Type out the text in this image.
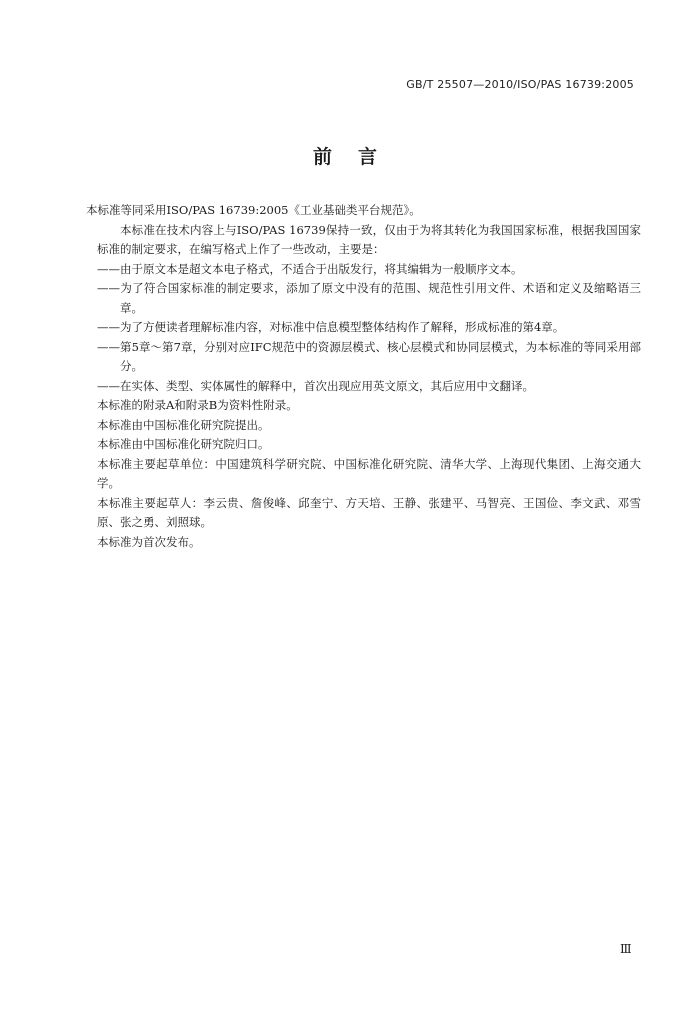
GB/T 25507—2010/ISO/PAS 16739:2005
前言

本标准等同采用ISO/PAS 16739:2005《工业基础类平台规范》。

本标准在技术内容上与ISO/PAS 16739保持一致，仅由于为将其转化为我国国家标准，根据我国国家标准的制定要求，在编写格式上作了一些改动，主要是：

——由于原文本是超文本电子格式，不适合于出版发行，将其编辑为一般顺序文本。

——为了符合国家标准的制定要求，添加了原文中没有的范围、规范性引用文件、术语和定义及缩略语三章。

——为了方便读者理解标准内容，对标准中信息模型整体结构作了解释，形成标准的第4章。

——第5章～第7章，分别对应IFC规范中的资源层模式、核心层模式和协同层模式，为本标准的等同采用部分。

——在实体、类型、实体属性的解释中，首次出现应用英文原文，其后应用中文翻译。

本标准的附录A和附录B为资料性附录。

本标准由中国标准化研究院提出。

本标准由中国标准化研究院归口。

本标准主要起草单位：中国建筑科学研究院、中国标准化研究院、清华大学、上海现代集团、上海交通大学。

本标准主要起草人：李云贵、詹俊峰、邱奎宁、方天培、王静、张建平、马智亮、王国俭、李文武、邓雪原、张之勇、刘照球。

本标准为首次发布。

Ⅲ
